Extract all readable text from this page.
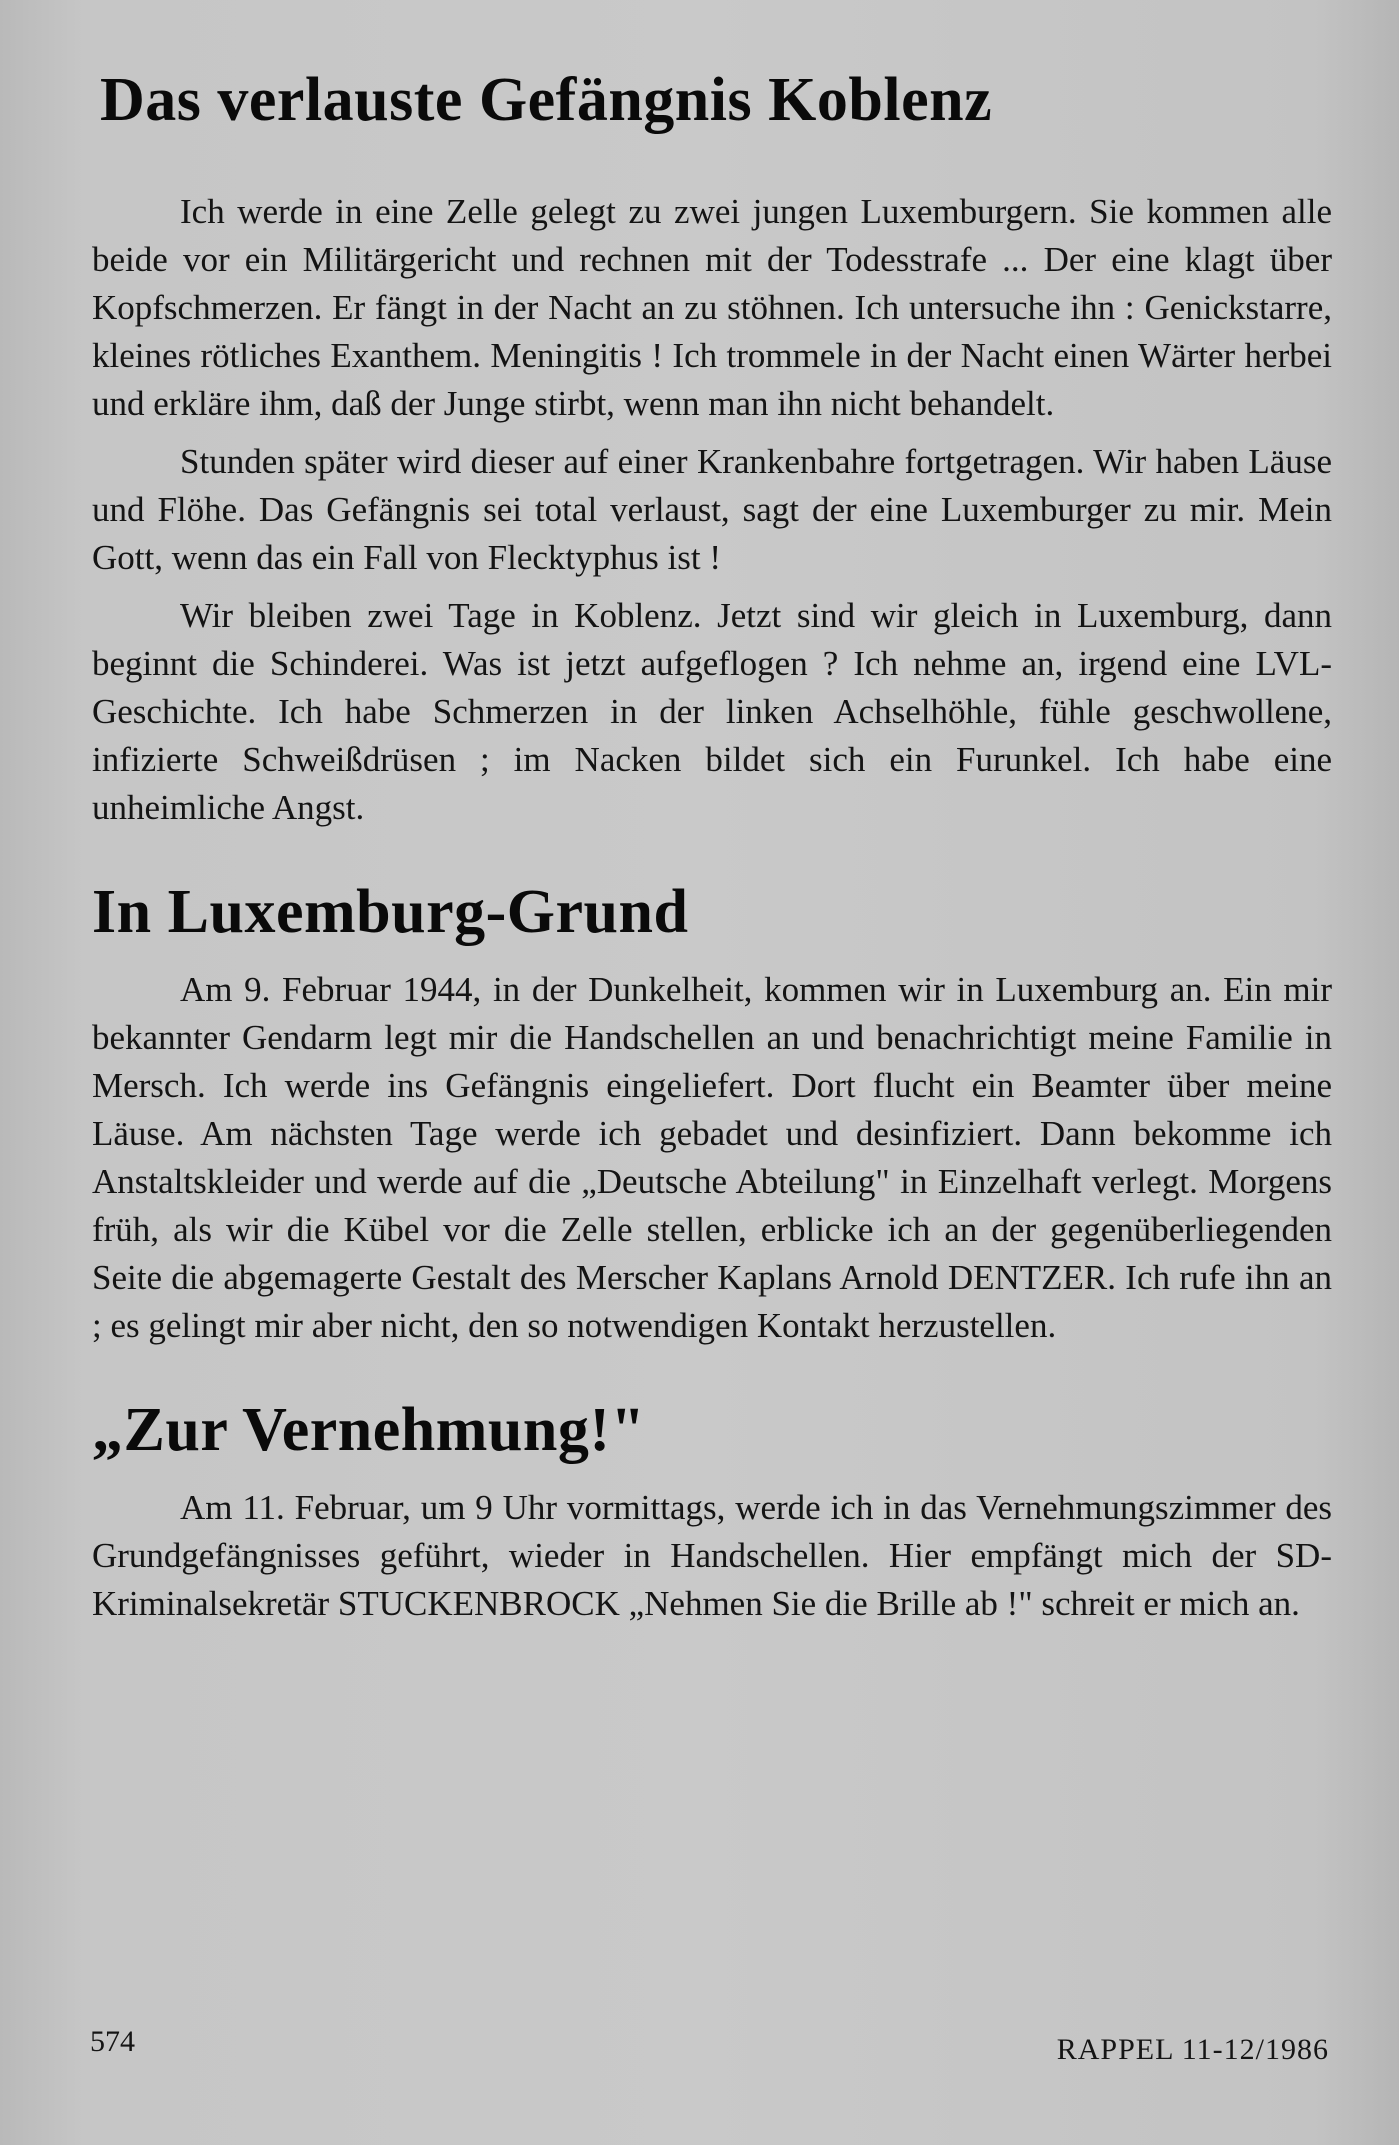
Das verlauste Gefängnis Koblenz

Ich werde in eine Zelle gelegt zu zwei jungen Luxemburgern. Sie kommen alle beide vor ein Militärgericht und rechnen mit der Todesstrafe ... Der eine klagt über Kopfschmerzen. Er fängt in der Nacht an zu stöhnen. Ich untersuche ihn : Genickstarre, kleines rötliches Exanthem. Meningitis ! Ich trommele in der Nacht einen Wärter herbei und erkläre ihm, daß der Junge stirbt, wenn man ihn nicht behandelt.

Stunden später wird dieser auf einer Krankenbahre fortgetragen. Wir haben Läuse und Flöhe. Das Gefängnis sei total verlaust, sagt der eine Luxemburger zu mir. Mein Gott, wenn das ein Fall von Flecktyphus ist !

Wir bleiben zwei Tage in Koblenz. Jetzt sind wir gleich in Luxemburg, dann beginnt die Schinderei. Was ist jetzt aufgeflogen ? Ich nehme an, irgend eine LVL-Geschichte. Ich habe Schmerzen in der linken Achselhöhle, fühle geschwollene, infizierte Schweißdrüsen ; im Nacken bildet sich ein Furunkel. Ich habe eine unheimliche Angst.

In Luxemburg-Grund

Am 9. Februar 1944, in der Dunkelheit, kommen wir in Luxemburg an. Ein mir bekannter Gendarm legt mir die Handschellen an und benachrichtigt meine Familie in Mersch. Ich werde ins Gefängnis eingeliefert. Dort flucht ein Beamter über meine Läuse. Am nächsten Tage werde ich gebadet und desinfiziert. Dann bekomme ich Anstaltskleider und werde auf die „Deutsche Abteilung" in Einzelhaft verlegt. Morgens früh, als wir die Kübel vor die Zelle stellen, erblicke ich an der gegenüberliegenden Seite die abgemagerte Gestalt des Merscher Kaplans Arnold DENTZER. Ich rufe ihn an ; es gelingt mir aber nicht, den so notwendigen Kontakt herzustellen.

„Zur Vernehmung!"

Am 11. Februar, um 9 Uhr vormittags, werde ich in das Vernehmungszimmer des Grundgefängnisses geführt, wieder in Handschellen. Hier empfängt mich der SD-Kriminalsekretär STUCKENBROCK „Nehmen Sie die Brille ab !" schreit er mich an.

574	RAPPEL 11-12/1986
